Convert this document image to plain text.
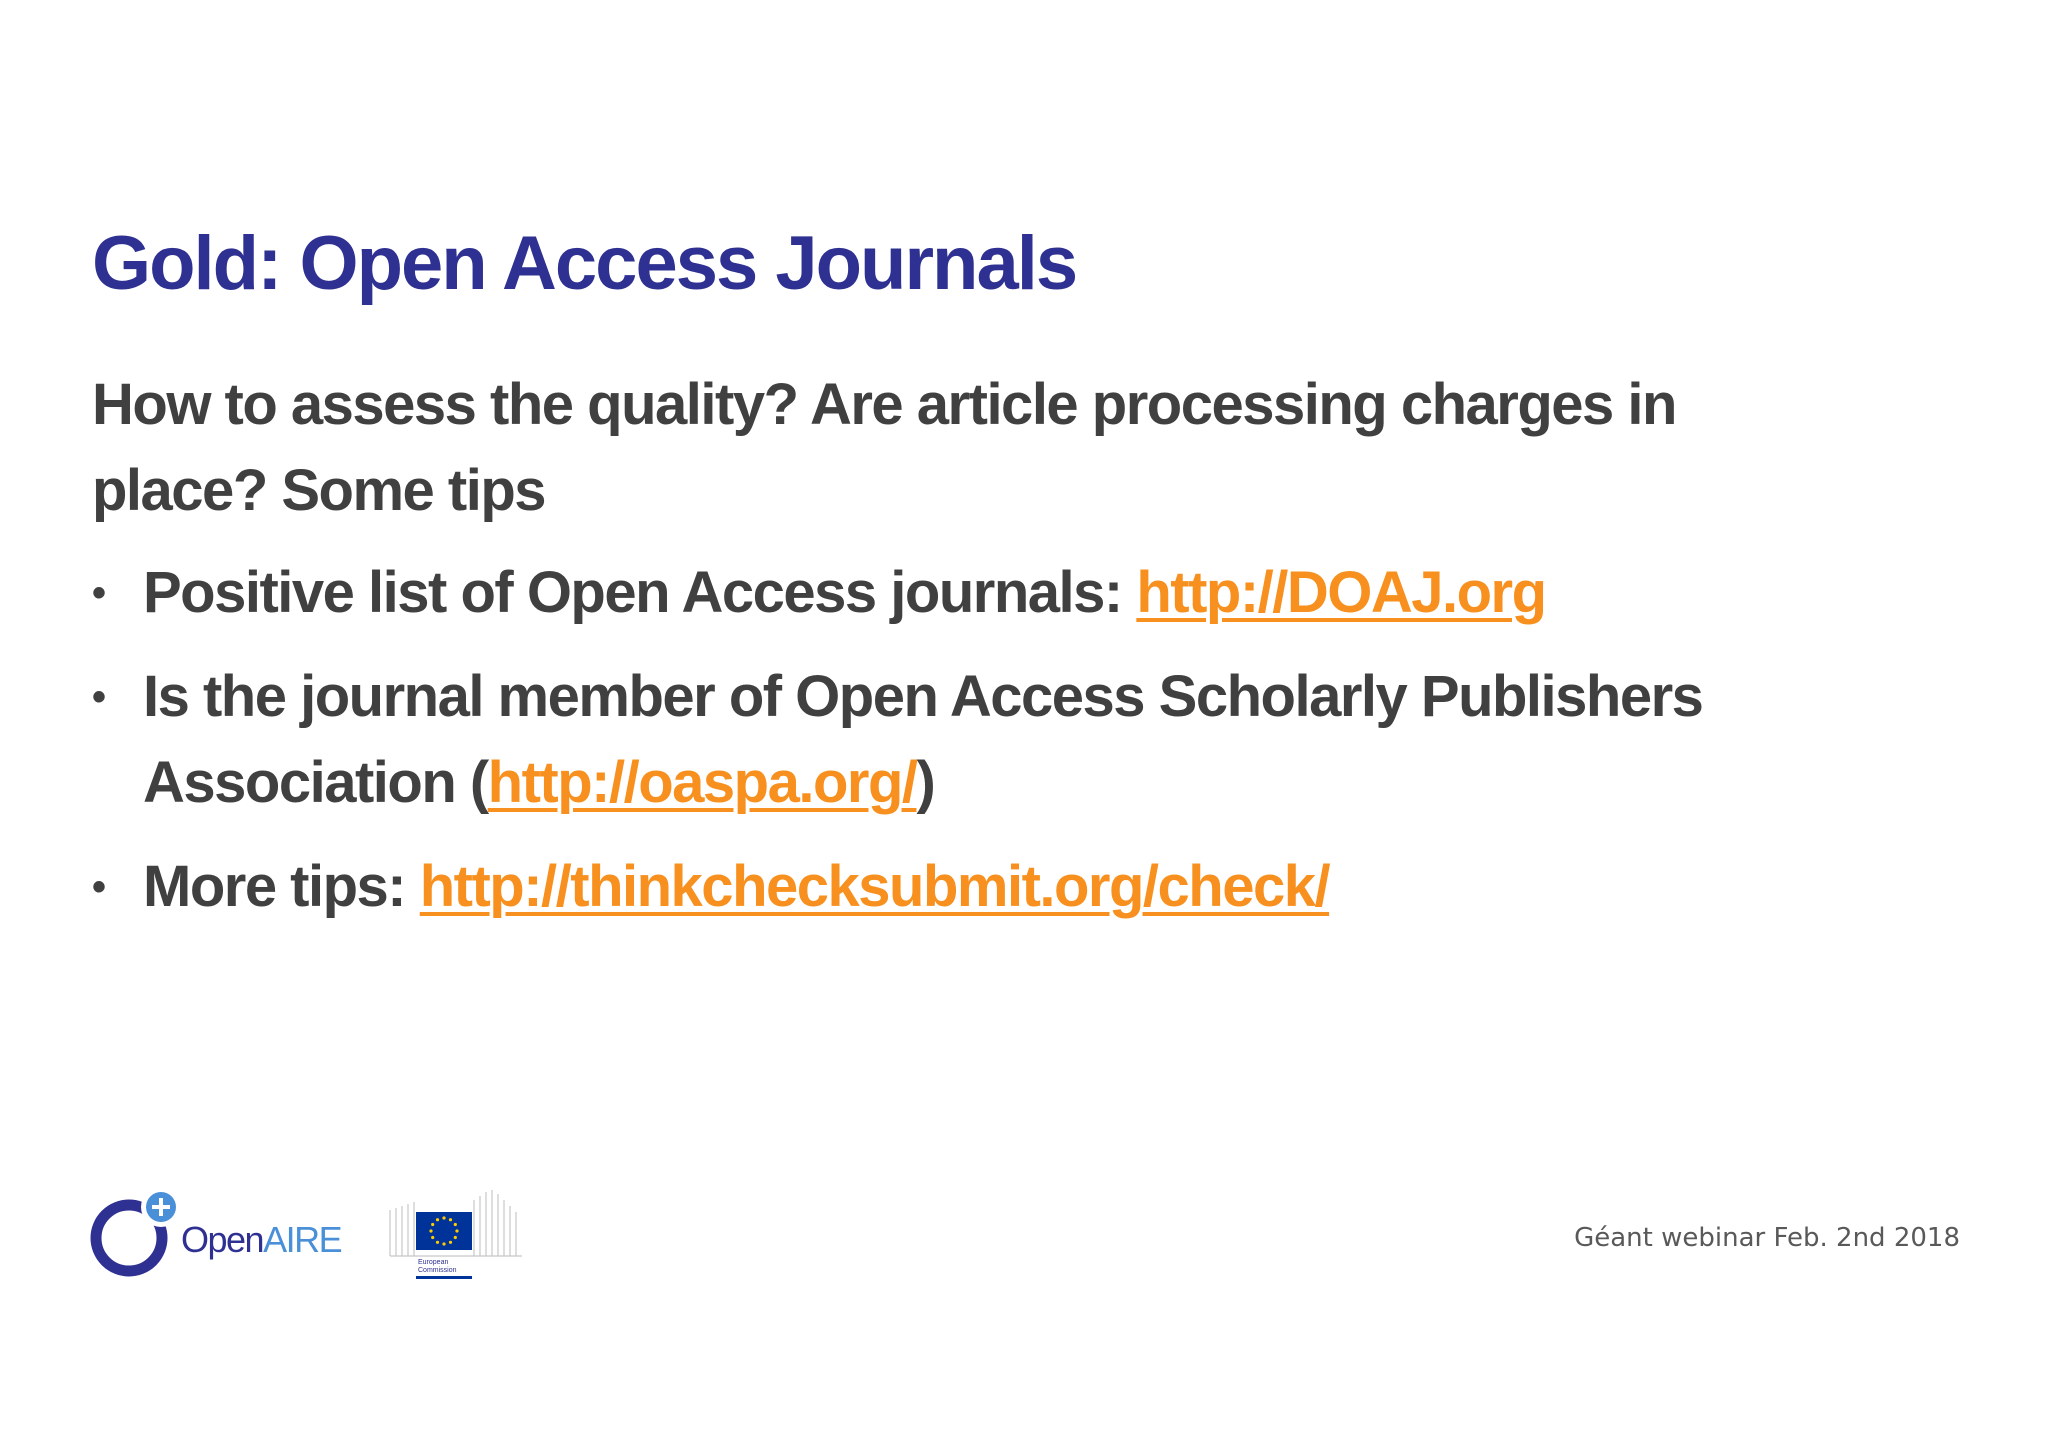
Gold: Open Access Journals

How to assess the quality? Are article processing charges in place? Some tips

• Positive list of Open Access journals: http://DOAJ.org
• Is the journal member of Open Access Scholarly Publishers Association (http://oaspa.org/)
• More tips: http://thinkchecksubmit.org/check/
OpenAIRE
European
Commission
Géant webinar Feb. 2nd 2018
